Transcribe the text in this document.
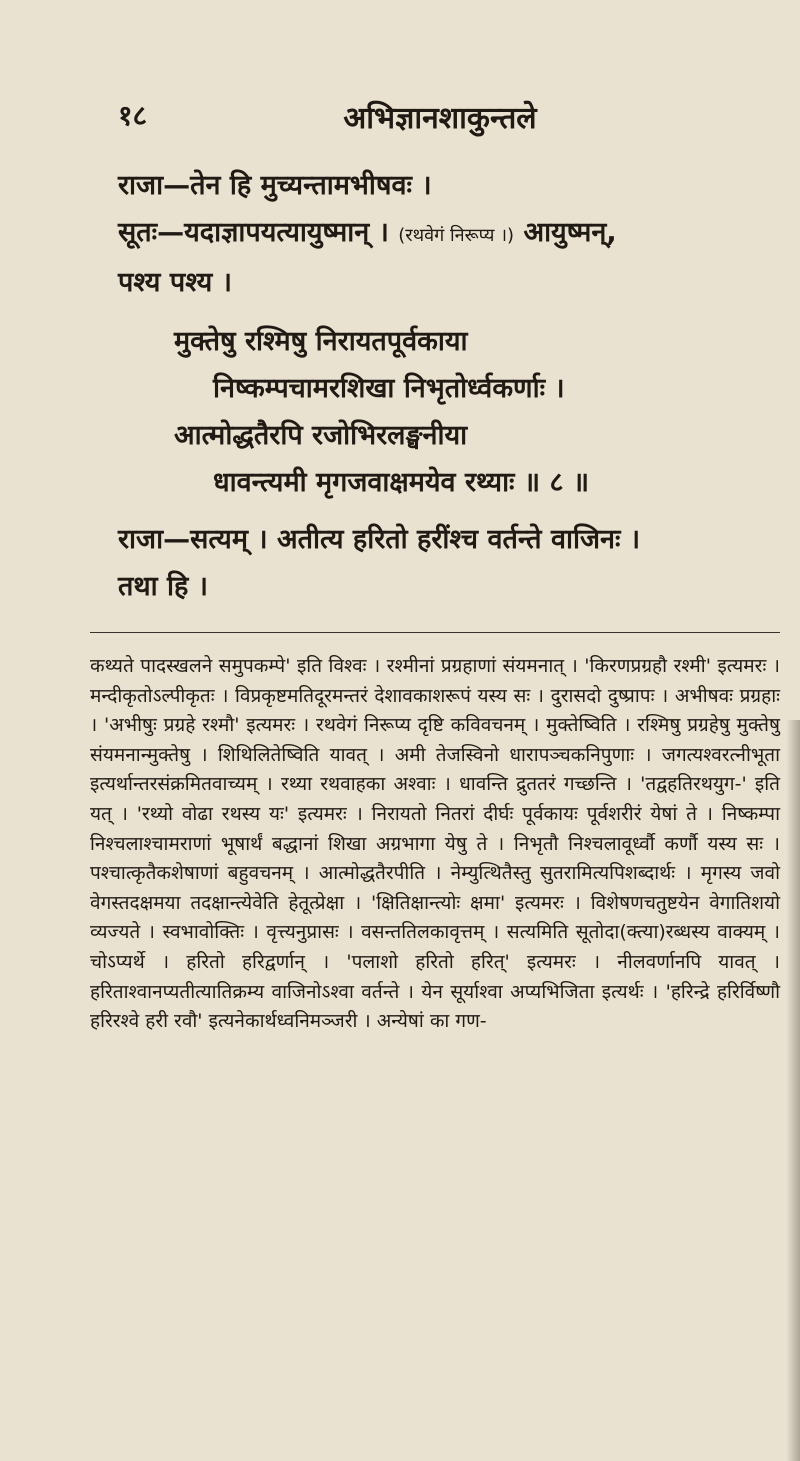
१८	अभिज्ञानशाकुन्तले

राजा—तेन हि मुच्यन्तामभीषवः ।

सूतः—यदाज्ञापयत्यायुष्मान् । (रथवेगं निरूप्य ।) आयुष्मन्,

पश्य पश्य ।

मुक्तेषु रश्मिषु निरायतपूर्वकाया

निष्कम्पचामरशिखा निभृतोर्ध्वकर्णाः ।

आत्मोद्धतैरपि रजोभिरलङ्घनीया

धावन्त्यमी मृगजवाक्षमयेव रथ्याः ॥ ८ ॥

राजा—सत्यम् । अतीत्य हरितो हरींश्च वर्तन्ते वाजिनः ।

तथा हि ।

कथ्यते पादस्खलने समुपकम्पे' इति विश्वः । रश्मीनां प्रग्रहाणां संयमनात् । 'किरणप्रग्रहौ रश्मी' इत्यमरः । मन्दीकृतोऽल्पीकृतः । विप्रकृष्टमतिदूरमन्तरं देशावकाशरूपं यस्य सः । दुरासदो दुष्प्रापः । अभीषवः प्रग्रहाः । 'अभीषुः प्रग्रहे रश्मौ' इत्यमरः । रथवेगं निरूप्य दृष्टि कविवचनम् । मुक्तेष्विति । रश्मिषु प्रग्रहेषु मुक्तेषु संयमनान्मुक्तेषु । शिथिलितेष्विति यावत् । अमी तेजस्विनो धारापञ्चकनिपुणाः । जगत्यश्वरत्नीभूता इत्यर्थान्तरसंक्रमितवाच्यम् । रथ्या रथवाहका अश्वाः । धावन्ति द्रुततरं गच्छन्ति । 'तद्वहतिरथयुग-' इति यत् । 'रथ्यो वोढा रथस्य यः' इत्यमरः । निरायतो नितरां दीर्घः पूर्वकायः पूर्वशरीरं येषां ते । निष्कम्पा निश्चलाश्चामराणां भूषार्थं बद्धानां शिखा अग्रभागा येषु ते । निभृतौ निश्चलावूर्ध्वौ कर्णौ यस्य सः । पश्चात्कृतैकशेषाणां बहुवचनम् । आत्मोद्धतैरपीति । नेम्युत्थितैस्तु सुतरामित्यपिशब्दार्थः । मृगस्य जवो वेगस्तदक्षमया तदक्षान्त्येवेति हेतूत्प्रेक्षा । 'क्षितिक्षान्त्योः क्षमा' इत्यमरः । विशेषणचतुष्टयेन वेगातिशयो व्यज्यते । स्वभावोक्तिः । वृत्त्यनुप्रासः । वसन्ततिलकावृत्तम् । सत्यमिति सूतोदा(क्त्या)रब्धस्य वाक्यम् । चोऽप्यर्थे । हरितो हरिद्वर्णान् । 'पलाशो हरितो हरित्' इत्यमरः । नीलवर्णानपि यावत् । हरिताश्वानप्यतीत्यातिक्रम्य वाजिनोऽश्वा वर्तन्ते । येन सूर्याश्वा अप्यभिजिता इत्यर्थः । 'हरिन्द्रे हरिर्विष्णौ हरिरश्वे हरी रवौ' इत्यनेकार्थध्वनिमञ्जरी । अन्येषां का गण-
